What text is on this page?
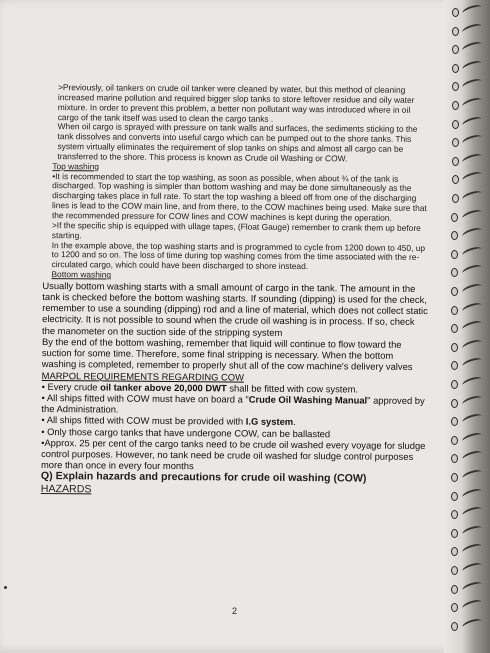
>Previously, oil tankers on crude oil tanker were cleaned by water, but this method of cleaning increased marine pollution and required bigger slop tanks to store leftover residue and oily water mixture. In order to prevent this problem, a better non pollutant way was introduced where in oil cargo of the tank itself was used to clean the cargo tanks .

When oil cargo is sprayed with pressure on tank walls and surfaces, the sediments sticking to the tank dissolves and converts into useful cargo which can be pumped out to the shore tanks. This system virtually eliminates the requirement of slop tanks on ships and almost all cargo can be transferred to the shore. This process is known as Crude oil Washing or COW.

Top washing

•It is recommended to start the top washing, as soon as possible, when about ¾ of the tank is discharged. Top washing is simpler than bottom washing and may be done simultaneously as the discharging takes place in full rate. To start the top washing a bleed off from one of the discharging lines is lead to the COW main line, and from there, to the COW machines being used. Make sure that the recommended pressure for COW lines and COW machines is kept during the operation.

>If the specific ship is equipped with ullage tapes, (Float Gauge) remember to crank them up before starting.

In the example above, the top washing starts and is programmed to cycle from 1200 down to 450, up to 1200 and so on. The loss of time during top washing comes from the time associated with the re-circulated cargo, which could have been discharged to shore instead.

Bottom washing

Usually bottom washing starts with a small amount of cargo in the tank. The amount in the tank is checked before the bottom washing starts. If sounding (dipping) is used for the check, remember to use a sounding (dipping) rod and a line of material, which does not collect static electricity. It is not possible to sound when the crude oil washing is in process. If so, check the manometer on the suction side of the stripping system

By the end of the bottom washing, remember that liquid will continue to flow toward the suction for some time. Therefore, some final stripping is necessary. When the bottom washing is completed, remember to properly shut all of the cow machine's delivery valves

MARPOL REQUIREMENTS REGARDING COW

• Every crude oil tanker above 20,000 DWT shall be fitted with cow system.

• All ships fitted with COW must have on board a "Crude Oil Washing Manual" approved by the Administration.

• All ships fitted with COW must be provided with I.G system.

• Only those cargo tanks that have undergone COW, can be ballasted

•Approx. 25 per cent of the cargo tanks need to be crude oil washed every voyage for sludge control purposes. However, no tank need be crude oil washed for sludge control purposes more than once in every four months

Q) Explain hazards and precautions for crude oil washing (COW)

HAZARDS

2
